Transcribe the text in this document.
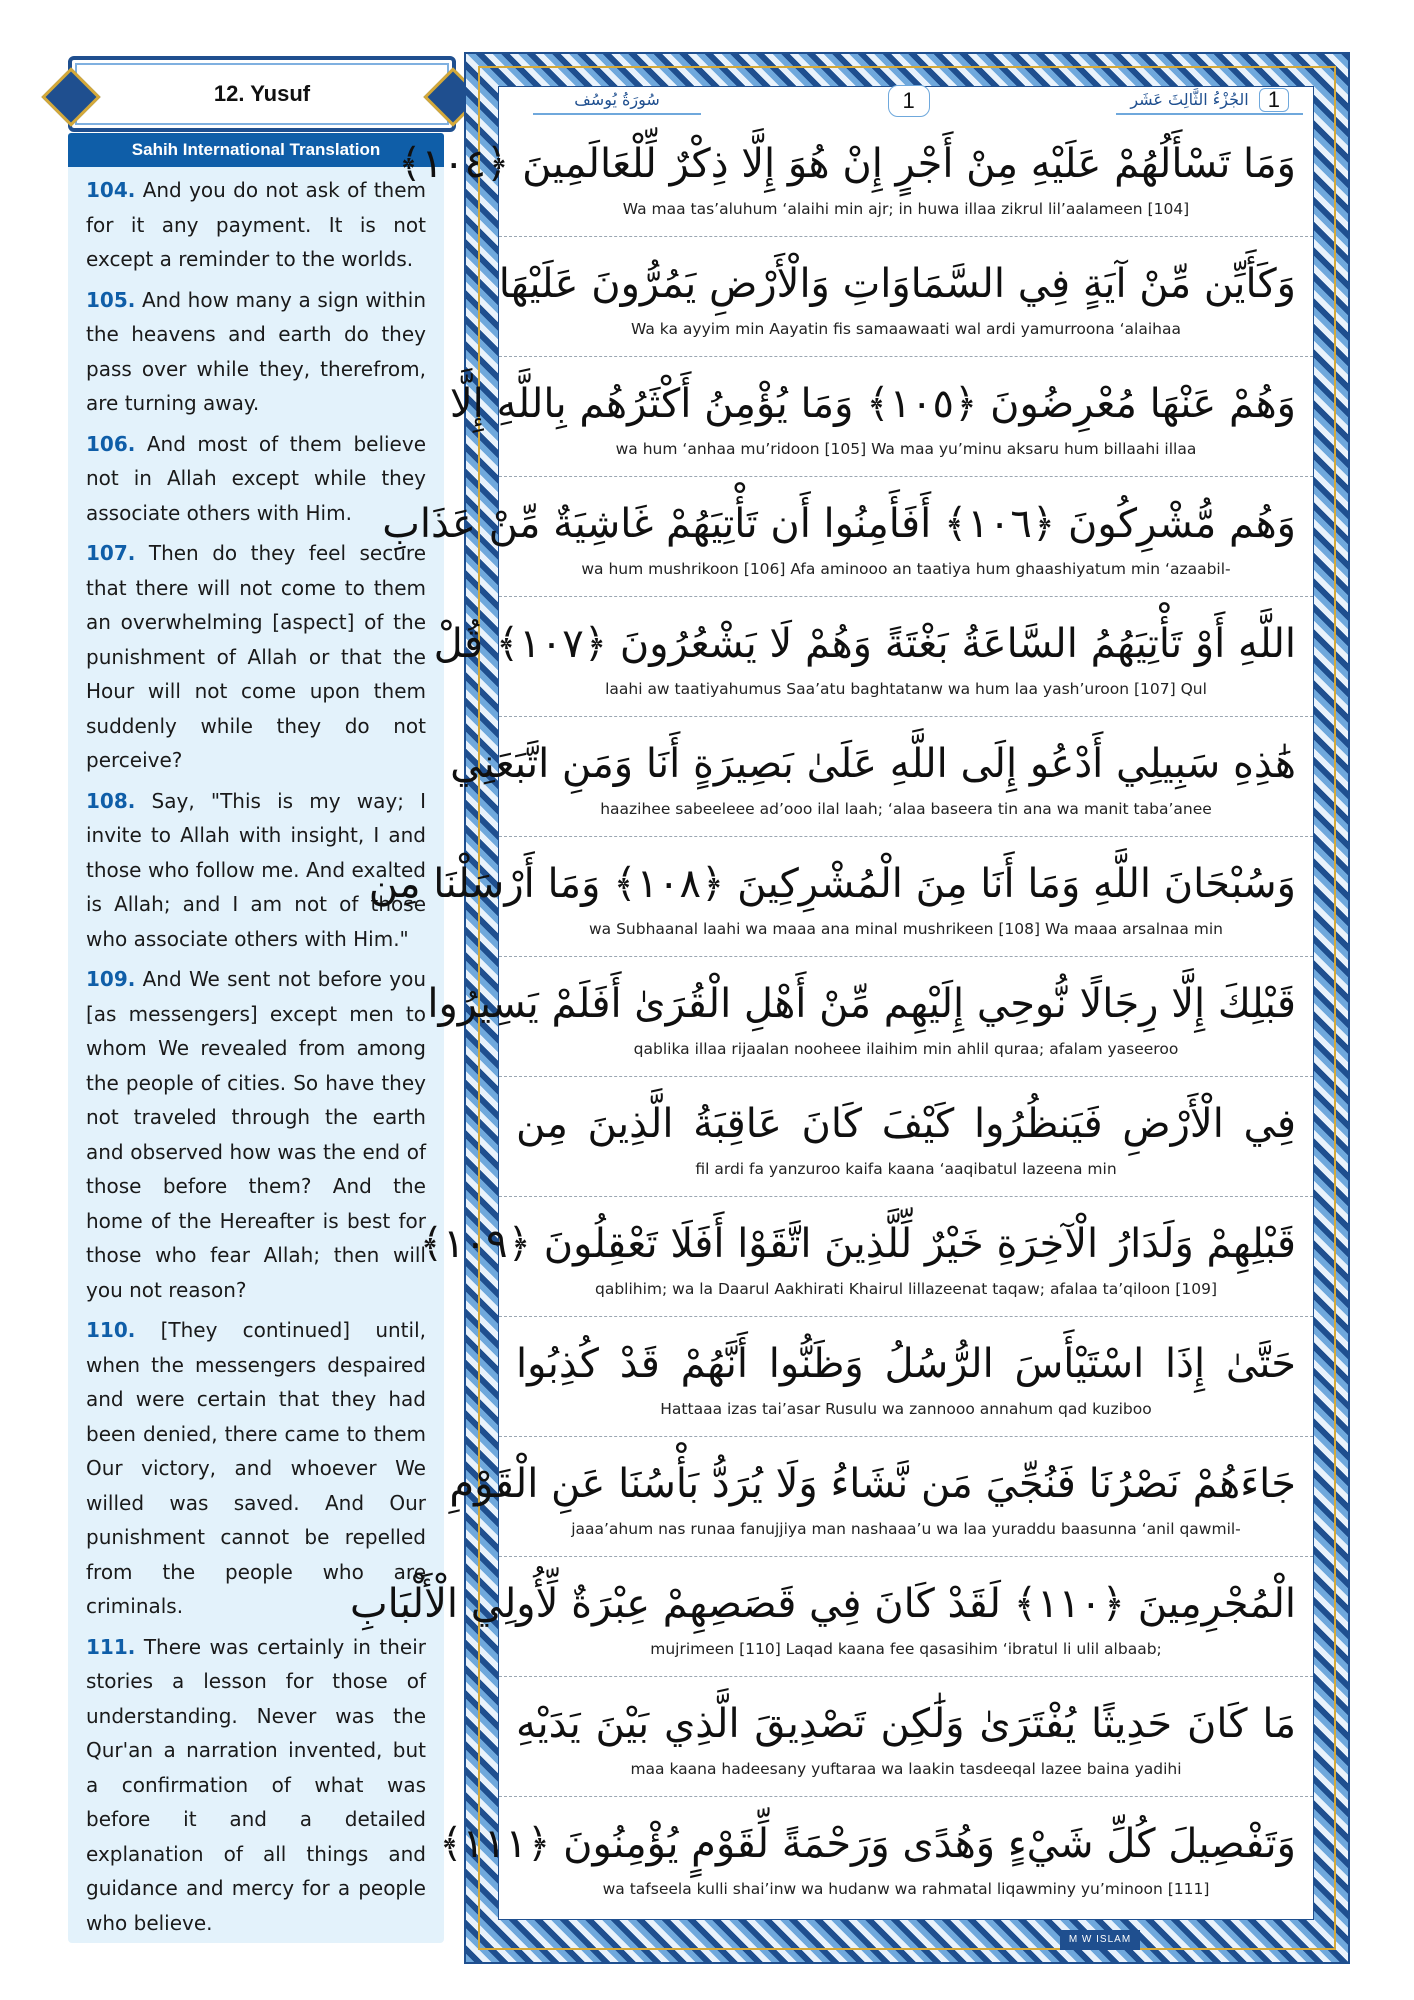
12. Yusuf
Sahih International Translation

104. And you do not ask of them for it any payment. It is not except a reminder to the worlds.

105. And how many a sign within the heavens and earth do they pass over while they, therefrom, are turning away.

106. And most of them believe not in Allah except while they associate others with Him.

107. Then do they feel secure that there will not come to them an overwhelming [aspect] of the punishment of Allah or that the Hour will not come upon them suddenly while they do not perceive?

108. Say, "This is my way; I invite to Allah with insight, I and those who follow me. And exalted is Allah; and I am not of those who associate others with Him."

109. And We sent not before you [as messengers] except men to whom We revealed from among the people of cities. So have they not traveled through the earth and observed how was the end of those before them? And the home of the Hereafter is best for those who fear Allah; then will you not reason?

110. [They continued] until, when the messengers despaired and were certain that they had been denied, there came to them Our victory, and whoever We willed was saved. And Our punishment cannot be repelled from the people who are criminals.

111. There was certainly in their stories a lesson for those of understanding. Never was the Qur'an a narration invented, but a confirmation of what was before it and a detailed explanation of all things and guidance and mercy for a people who believe.

سُورَةُ يُوسُف	1	الجُزْءُ الثَّالِثَ عَشَر 1
وَمَا تَسْأَلُهُمْ عَلَيْهِ مِنْ أَجْرٍ إِنْ هُوَ إِلَّا ذِكْرٌ لِّلْعَالَمِينَ ﴿١٠٤﴾
Wa maa tas’aluhum ‘alaihi min ajr; in huwa illaa zikrul lil’aalameen [104]
وَكَأَيِّن مِّنْ آيَةٍ فِي السَّمَاوَاتِ وَالْأَرْضِ يَمُرُّونَ عَلَيْهَا
Wa ka ayyim min Aayatin fis samaawaati wal ardi yamurroona ‘alaihaa
وَهُمْ عَنْهَا مُعْرِضُونَ ﴿١٠٥﴾ وَمَا يُؤْمِنُ أَكْثَرُهُم بِاللَّهِ إِلَّا
wa hum ‘anhaa mu’ridoon [105] Wa maa yu’minu aksaru hum billaahi illaa
وَهُم مُّشْرِكُونَ ﴿١٠٦﴾ أَفَأَمِنُوا أَن تَأْتِيَهُمْ غَاشِيَةٌ مِّنْ عَذَابِ
wa hum mushrikoon [106] Afa aminooo an taatiya hum ghaashiyatum min ‘azaabil-
اللَّهِ أَوْ تَأْتِيَهُمُ السَّاعَةُ بَغْتَةً وَهُمْ لَا يَشْعُرُونَ ﴿١٠٧﴾ قُلْ
laahi aw taatiyahumus Saa’atu baghtatanw wa hum laa yash’uroon [107] Qul
هَٰذِهِ سَبِيلِي أَدْعُو إِلَى اللَّهِ عَلَىٰ بَصِيرَةٍ أَنَا وَمَنِ اتَّبَعَنِي
haazihee sabeeleee ad’ooo ilal laah; ‘alaa baseera tin ana wa manit taba’anee
وَسُبْحَانَ اللَّهِ وَمَا أَنَا مِنَ الْمُشْرِكِينَ ﴿١٠٨﴾ وَمَا أَرْسَلْنَا مِن
wa Subhaanal laahi wa maaa ana minal mushrikeen [108] Wa maaa arsalnaa min
قَبْلِكَ إِلَّا رِجَالًا نُّوحِي إِلَيْهِم مِّنْ أَهْلِ الْقُرَىٰ أَفَلَمْ يَسِيرُوا
qablika illaa rijaalan nooheee ilaihim min ahlil quraa; afalam yaseeroo
فِي الْأَرْضِ فَيَنظُرُوا كَيْفَ كَانَ عَاقِبَةُ الَّذِينَ مِن
fil ardi fa yanzuroo kaifa kaana ‘aaqibatul lazeena min
قَبْلِهِمْ وَلَدَارُ الْآخِرَةِ خَيْرٌ لِّلَّذِينَ اتَّقَوْا أَفَلَا تَعْقِلُونَ ﴿١٠٩﴾
qablihim; wa la Daarul Aakhirati Khairul lillazeenat taqaw; afalaa ta’qiloon [109]
حَتَّىٰ إِذَا اسْتَيْأَسَ الرُّسُلُ وَظَنُّوا أَنَّهُمْ قَدْ كُذِبُوا
Hattaaa izas tai’asar Rusulu wa zannooo annahum qad kuziboo
جَاءَهُمْ نَصْرُنَا فَنُجِّيَ مَن نَّشَاءُ وَلَا يُرَدُّ بَأْسُنَا عَنِ الْقَوْمِ
jaaa’ahum nas runaa fanujjiya man nashaaa’u wa laa yuraddu baasunna ‘anil qawmil-
الْمُجْرِمِينَ ﴿١١٠﴾ لَقَدْ كَانَ فِي قَصَصِهِمْ عِبْرَةٌ لِّأُولِي الْأَلْبَابِ
mujrimeen [110] Laqad kaana fee qasasihim ‘ibratul li ulil albaab;
مَا كَانَ حَدِيثًا يُفْتَرَىٰ وَلَٰكِن تَصْدِيقَ الَّذِي بَيْنَ يَدَيْهِ
maa kaana hadeesany yuftaraa wa laakin tasdeeqal lazee baina yadihi
وَتَفْصِيلَ كُلِّ شَيْءٍ وَهُدًى وَرَحْمَةً لِّقَوْمٍ يُؤْمِنُونَ ﴿١١١﴾
wa tafseela kulli shai’inw wa hudanw wa rahmatal liqawminy yu’minoon [111]
M W ISLAM
